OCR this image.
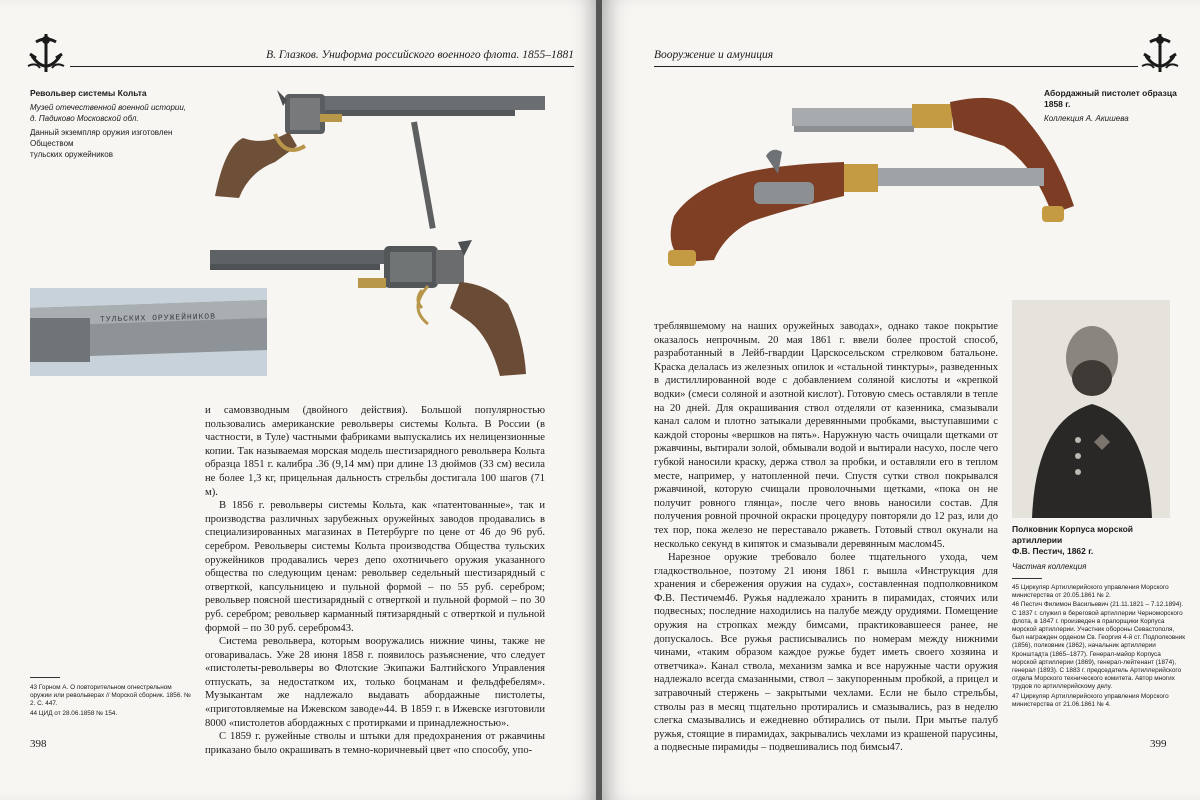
В. Глазков. Униформа российского военного флота. 1855–1881
Револьвер системы Кольта
Музей отечественной военной истории,
д. Падиково Московской обл.
Данный экземпляр оружия изготовлен Обществом
тульских оружейников
ТУЛЬСКИХ ОРУЖЕЙНИКОВ

и самовзводным (двойного действия). Большой популярностью пользовались американские револьверы системы Кольта. В России (в частности, в Туле) частными фабриками выпускались их нелицензионные копии. Так называемая морская модель шестизарядного револьвера Кольта образца 1851 г. калибра .36 (9,14 мм) при длине 13 дюймов (33 см) весила не более 1,3 кг, прицельная дальность стрельбы достигала 100 шагов (71 м).

В 1856 г. револьверы системы Кольта, как «патентованные», так и производства различных зарубежных оружейных заводов продавались в специализированных магазинах в Петербурге по цене от 46 до 96 руб. серебром. Револьверы системы Кольта производства Общества тульских оружейников продавались через депо охотничьего оружия указанного общества по следующим ценам: револьвер седельный шестизарядный с отверткой, капсульницею и пульной формой – по 55 руб. серебром; револьвер поясной шестизарядный с отверткой и пульной формой – по 30 руб. серебром; револьвер карманный пятизарядный с отверткой и пульной формой – по 30 руб. серебром43.

Система револьвера, которым вооружались нижние чины, также не оговаривалась. Уже 28 июня 1858 г. появилось разъяснение, что следует «пистолеты-револьверы во Флотские Экипажи Балтийского Управления отпускать, за недостатком их, только боцманам и фельдфебелям». Музыкантам же надлежало выдавать абордажные пистолеты, «приготовляемые на Ижевском заводе»44. В 1859 г. в Ижевске изготовили 8000 «пистолетов абордажных с протирками и принадлежностью».

С 1859 г. ружейные стволы и штыки для предохранения от ржавчины приказано было окрашивать в темно-коричневый цвет «по способу, упо-

43 Горном А. О повторительном огнестрельном оружии или револьверах // Морской сборник. 1856. № 2. С. 447.
44 ЦИД от 28.06.1858 № 154.
398
Вооружение и амуниция
Абордажный пистолет образца 1858 г.
Коллекция А. Акишева

треблявшемому на наших оружейных заводах», однако такое покрытие оказалось непрочным. 20 мая 1861 г. ввели более простой способ, разработанный в Лейб-гвардии Царскосельском стрелковом батальоне. Краска делалась из железных опилок и «стальной тинктуры», разведенных в дистиллированной воде с добавлением соляной кислоты и «крепкой водки» (смеси соляной и азотной кислот). Готовую смесь оставляли в тепле на 20 дней. Для окрашивания ствол отделяли от казенника, смазывали канал салом и плотно затыкали деревянными пробками, выступавшими с каждой стороны «вершков на пять». Наружную часть очищали щетками от ржавчины, вытирали золой, обмывали водой и вытирали насухо, после чего губкой наносили краску, держа ствол за пробки, и оставляли его в теплом месте, например, у натопленной печи. Спустя сутки ствол покрывался ржавчиной, которую счищали проволочными щетками, «пока он не получит ровного глянца», после чего вновь наносили состав. Для получения ровной прочной окраски процедуру повторяли до 12 раз, или до тех пор, пока железо не переставало ржаветь. Готовый ствол окунали на несколько секунд в кипяток и смазывали деревянным маслом45.

Нарезное оружие требовало более тщательного ухода, чем гладкоствольное, поэтому 21 июня 1861 г. вышла «Инструкция для хранения и сбережения оружия на судах», составленная подполковником Ф.В. Пестичем46. Ружья надлежало хранить в пирамидах, стоячих или подвесных; последние находились на палубе между орудиями. Помещение оружия на стропках между бимсами, практиковавшееся ранее, не допускалось. Все ружья расписывались по номерам между нижними чинами, «таким образом каждое ружье будет иметь своего хозяина и ответчика». Канал ствола, механизм замка и все наружные части оружия надлежало всегда смазанными, ствол – закупоренным пробкой, а прицел и затравочный стержень – закрытыми чехлами. Если не было стрельбы, стволы раз в месяц тщательно протирались и смазывались, раз в неделю слегка смазывались и ежедневно обтирались от пыли. При мытье палуб ружья, стоящие в пирамидах, закрывались чехлами из крашеной парусины, а подвесные пирамиды – подвешивались под бимсы47.

Полковник Корпуса морской артиллерии
Ф.В. Пестич, 1862 г.
Частная коллекция
45 Циркуляр Артиллерийского управления Морского министерства от 20.05.1861 № 2.
46 Пестич Филимон Васильевич (21.11.1821 – 7.12.1894). С 1837 г. служил в береговой артиллерии Черноморского флота, в 1847 г. произведен в прапорщики Корпуса морской артиллерии. Участник обороны Севастополя, был награжден орденом Св. Георгия 4-й ст. Подполковник (1856), полковник (1862), начальник артиллерии Кронштадта (1865–1877). Генерал-майор Корпуса морской артиллерии (1869), генерал-лейтенант (1874), генерал (1893). С 1883 г. председатель Артиллерийского отдела Морского технического комитета. Автор многих трудов по артиллерийскому делу.
47 Циркуляр Артиллерийского управления Морского министерства от 21.06.1861 № 4.
399
